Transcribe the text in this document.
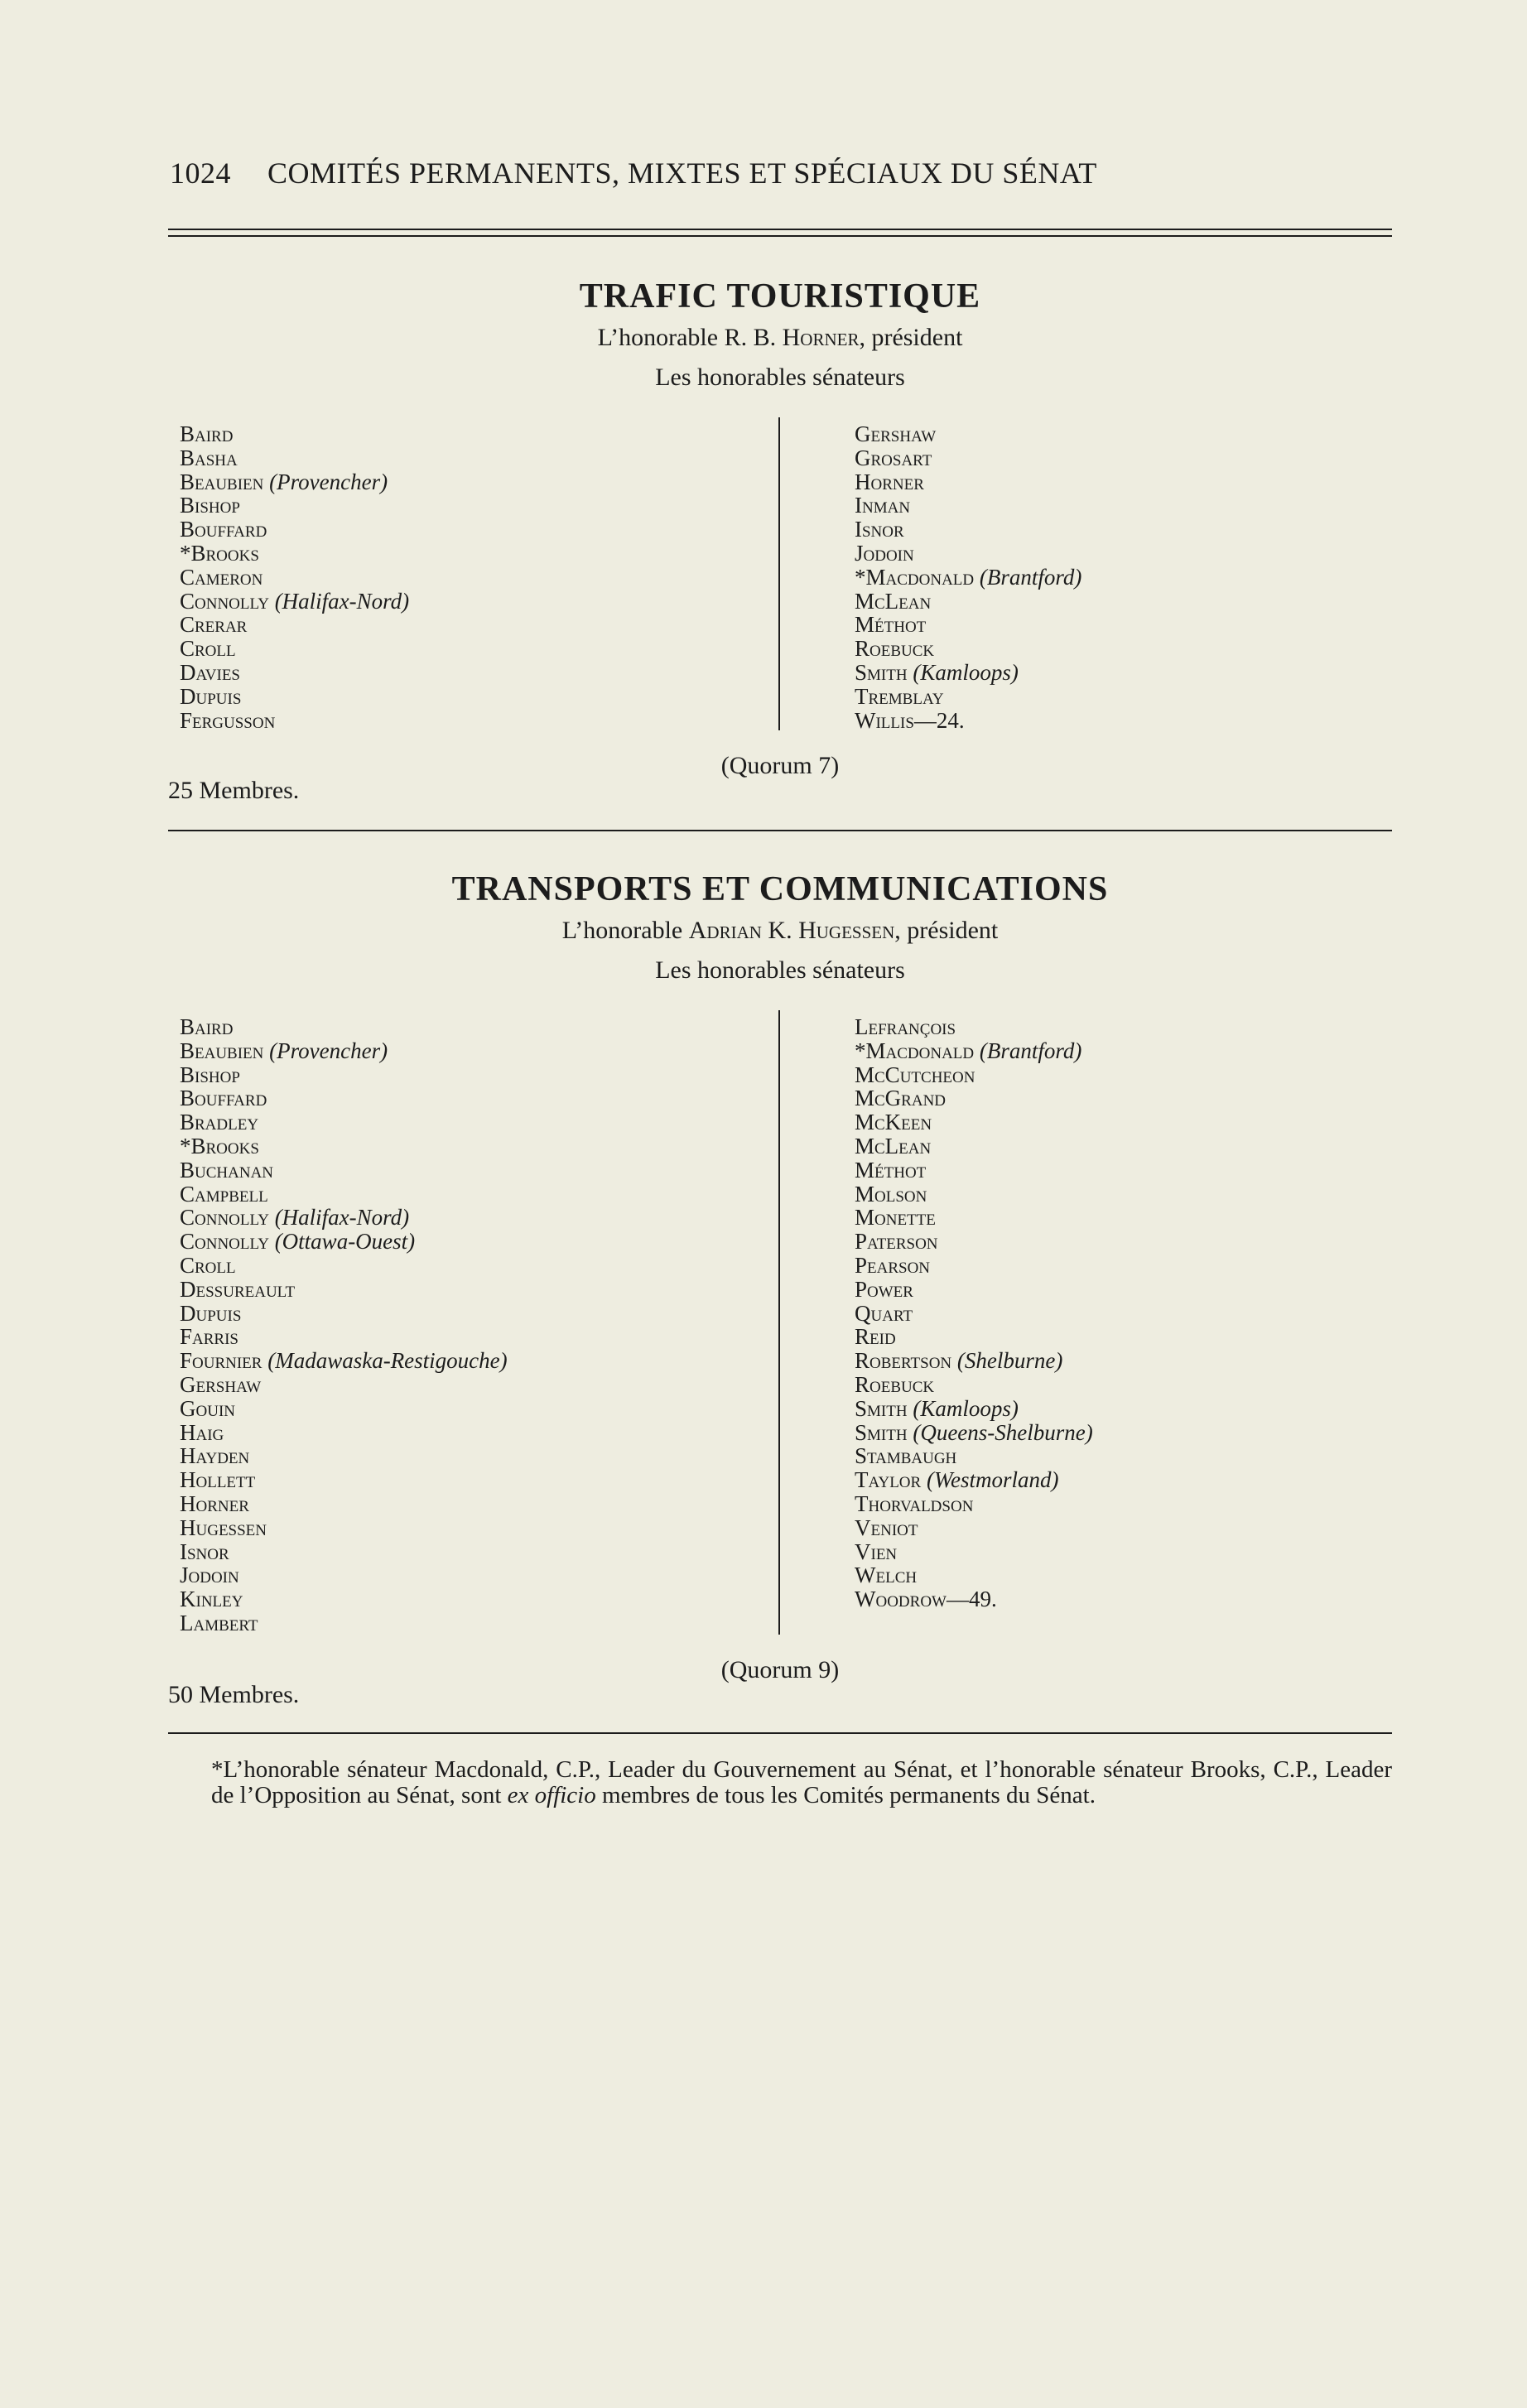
1024 COMITÉS PERMANENTS, MIXTES ET SPÉCIAUX DU SÉNAT
TRAFIC TOURISTIQUE
L’honorable R. B. Horner, président
Les honorables sénateurs
Baird
Basha
Beaubien (Provencher)
Bishop
Bouffard
*Brooks
Cameron
Connolly (Halifax-Nord)
Crerar
Croll
Davies
Dupuis
Fergusson
Gershaw
Grosart
Horner
Inman
Isnor
Jodoin
*Macdonald (Brantford)
McLean
Méthot
Roebuck
Smith (Kamloops)
Tremblay
Willis—24.
(Quorum 7)
25 Membres.
TRANSPORTS ET COMMUNICATIONS
L’honorable Adrian K. Hugessen, président
Les honorables sénateurs
Baird
Beaubien (Provencher)
Bishop
Bouffard
Bradley
*Brooks
Buchanan
Campbell
Connolly (Halifax-Nord)
Connolly (Ottawa-Ouest)
Croll
Dessureault
Dupuis
Farris
Fournier (Madawaska-Restigouche)
Gershaw
Gouin
Haig
Hayden
Hollett
Horner
Hugessen
Isnor
Jodoin
Kinley
Lambert
Lefrançois
*Macdonald (Brantford)
McCutcheon
McGrand
McKeen
McLean
Méthot
Molson
Monette
Paterson
Pearson
Power
Quart
Reid
Robertson (Shelburne)
Roebuck
Smith (Kamloops)
Smith (Queens-Shelburne)
Stambaugh
Taylor (Westmorland)
Thorvaldson
Veniot
Vien
Welch
Woodrow—49.
(Quorum 9)
50 Membres.
*L’honorable sénateur Macdonald, C.P., Leader du Gouvernement au Sénat, et l’honorable sénateur Brooks, C.P., Leader de l’Opposition au Sénat, sont ex officio membres de tous les Comités permanents du Sénat.
